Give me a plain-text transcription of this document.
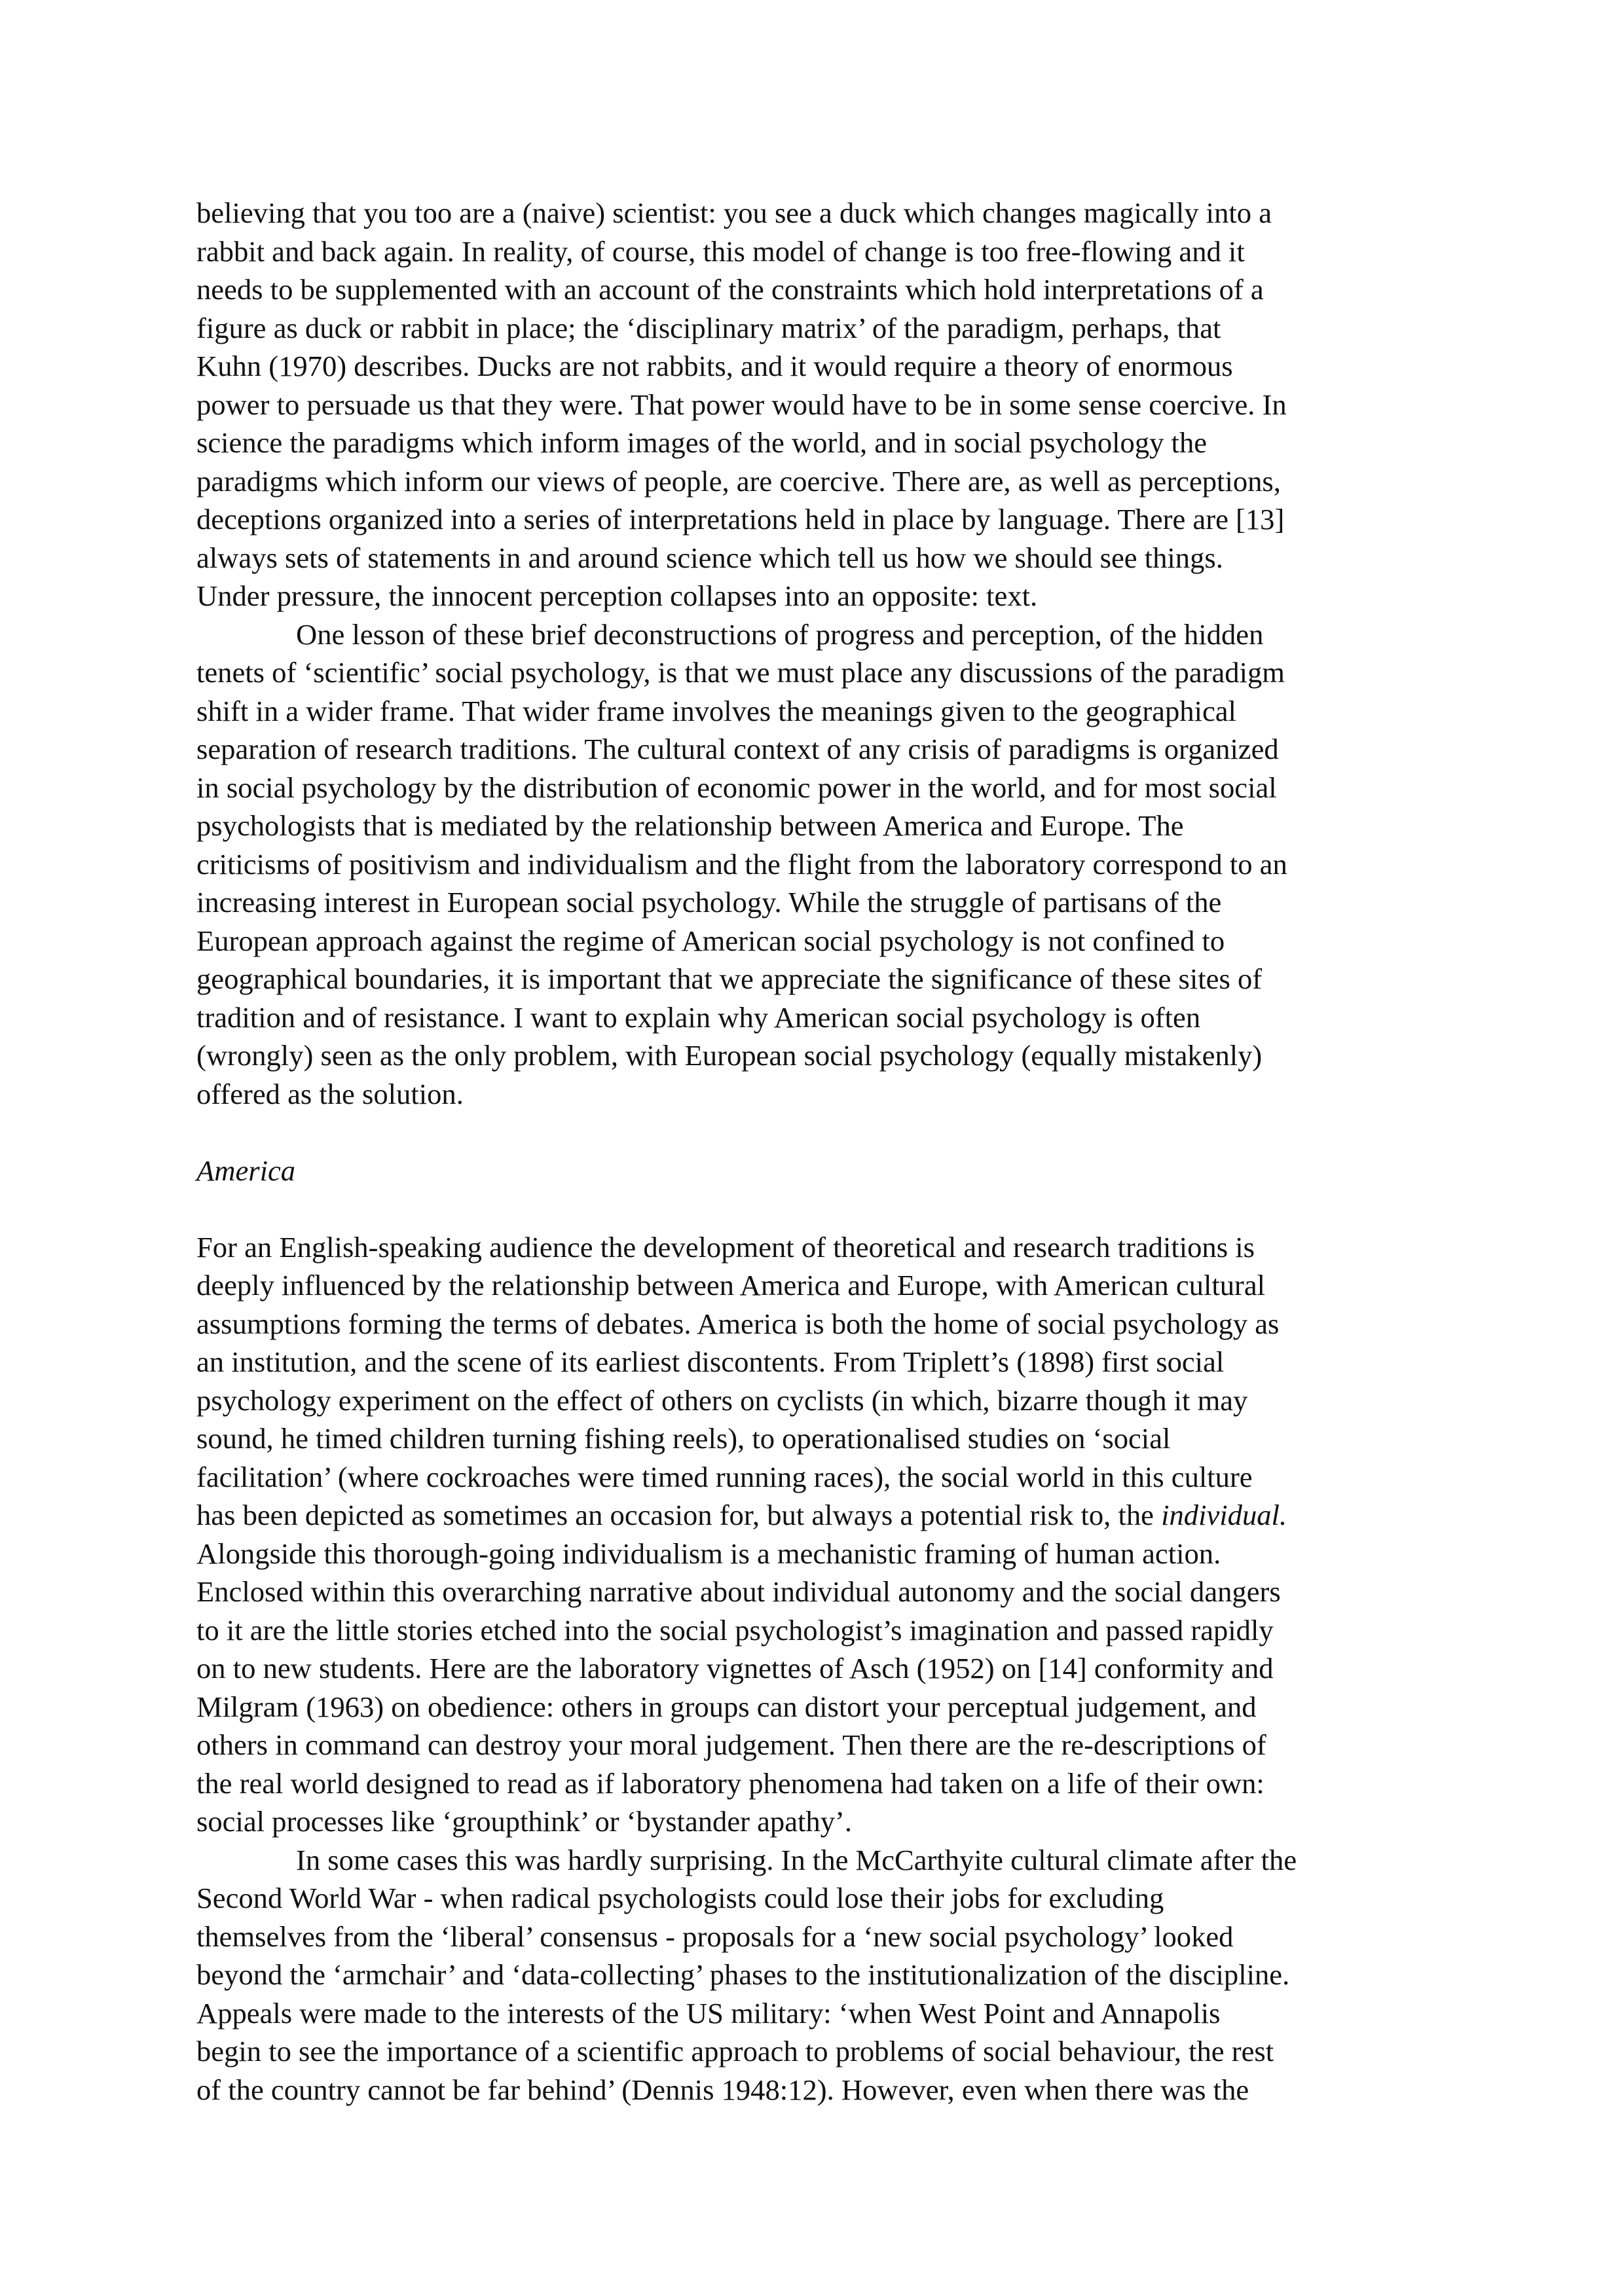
believing that you too are a (naive) scientist: you see a duck which changes magically into a
rabbit and back again. In reality, of course, this model of change is too free-flowing and it
needs to be supplemented with an account of the constraints which hold interpretations of a
figure as duck or rabbit in place; the ‘disciplinary matrix’ of the paradigm, perhaps, that
Kuhn (1970) describes. Ducks are not rabbits, and it would require a theory of enormous
power to persuade us that they were. That power would have to be in some sense coercive. In
science the paradigms which inform images of the world, and in social psychology the
paradigms which inform our views of people, are coercive. There are, as well as perceptions,
deceptions organized into a series of interpretations held in place by language. There are [13]
always sets of statements in and around science which tell us how we should see things.
Under pressure, the innocent perception collapses into an opposite: text.

One lesson of these brief deconstructions of progress and perception, of the hidden
tenets of ‘scientific’ social psychology, is that we must place any discussions of the paradigm
shift in a wider frame. That wider frame involves the meanings given to the geographical
separation of research traditions. The cultural context of any crisis of paradigms is organized
in social psychology by the distribution of economic power in the world, and for most social
psychologists that is mediated by the relationship between America and Europe. The
criticisms of positivism and individualism and the flight from the laboratory correspond to an
increasing interest in European social psychology. While the struggle of partisans of the
European approach against the regime of American social psychology is not confined to
geographical boundaries, it is important that we appreciate the significance of these sites of
tradition and of resistance. I want to explain why American social psychology is often
(wrongly) seen as the only problem, with European social psychology (equally mistakenly)
offered as the solution.

America

For an English-speaking audience the development of theoretical and research traditions is
deeply influenced by the relationship between America and Europe, with American cultural
assumptions forming the terms of debates. America is both the home of social psychology as
an institution, and the scene of its earliest discontents. From Triplett’s (1898) first social
psychology experiment on the effect of others on cyclists (in which, bizarre though it may
sound, he timed children turning fishing reels), to operationalised studies on ‘social
facilitation’ (where cockroaches were timed running races), the social world in this culture
has been depicted as sometimes an occasion for, but always a potential risk to, the individual.
Alongside this thorough-going individualism is a mechanistic framing of human action.
Enclosed within this overarching narrative about individual autonomy and the social dangers
to it are the little stories etched into the social psychologist’s imagination and passed rapidly
on to new students. Here are the laboratory vignettes of Asch (1952) on [14] conformity and
Milgram (1963) on obedience: others in groups can distort your perceptual judgement, and
others in command can destroy your moral judgement. Then there are the re-descriptions of
the real world designed to read as if laboratory phenomena had taken on a life of their own:
social processes like ‘groupthink’ or ‘bystander apathy’.

In some cases this was hardly surprising. In the McCarthyite cultural climate after the
Second World War - when radical psychologists could lose their jobs for excluding
themselves from the ‘liberal’ consensus - proposals for a ‘new social psychology’ looked
beyond the ‘armchair’ and ‘data-collecting’ phases to the institutionalization of the discipline.
Appeals were made to the interests of the US military: ‘when West Point and Annapolis
begin to see the importance of a scientific approach to problems of social behaviour, the rest
of the country cannot be far behind’ (Dennis 1948:12). However, even when there was the
